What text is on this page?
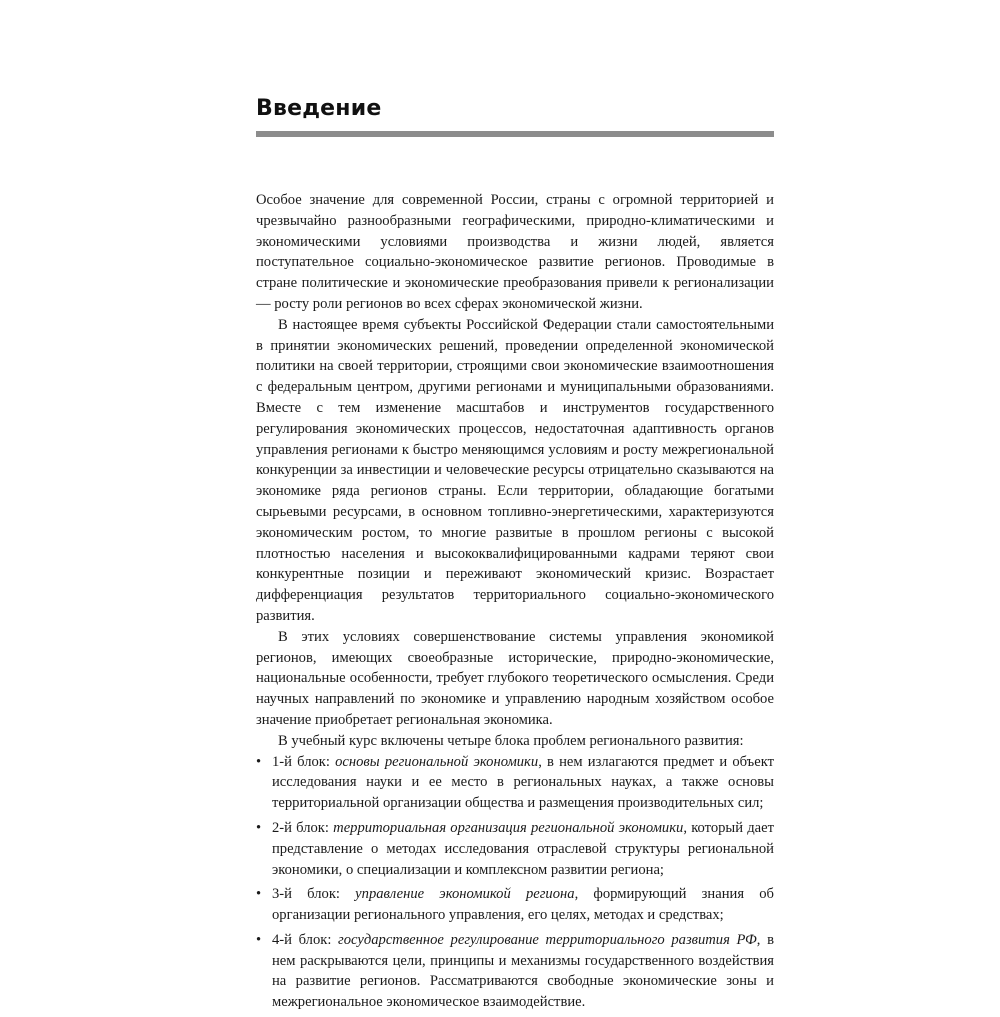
Введение

Особое значение для современной России, страны с огромной территорией и чрезвычайно разнообразными географическими, природно-климатическими и экономическими условиями производства и жизни людей, является поступательное социально-экономическое развитие регионов. Проводимые в стране политические и экономические преобразования привели к регионализации — росту роли регионов во всех сферах экономической жизни.

В настоящее время субъекты Российской Федерации стали самостоятельными в принятии экономических решений, проведении определенной экономической политики на своей территории, строящими свои экономические взаимоотношения с федеральным центром, другими регионами и муниципальными образованиями. Вместе с тем изменение масштабов и инструментов государственного регулирования экономических процессов, недостаточная адаптивность органов управления регионами к быстро меняющимся условиям и росту межрегиональной конкуренции за инвестиции и человеческие ресурсы отрицательно сказываются на экономике ряда регионов страны. Если территории, обладающие богатыми сырьевыми ресурсами, в основном топливно-энергетическими, характеризуются экономическим ростом, то многие развитые в прошлом регионы с высокой плотностью населения и высококвалифицированными кадрами теряют свои конкурентные позиции и переживают экономический кризис. Возрастает дифференциация результатов территориального социально-экономического развития.

В этих условиях совершенствование системы управления экономикой регионов, имеющих своеобразные исторические, природно-экономические, национальные особенности, требует глубокого теоретического осмысления. Среди научных направлений по экономике и управлению народным хозяйством особое значение приобретает региональная экономика.

В учебный курс включены четыре блока проблем регионального развития:

• 1-й блок: основы региональной экономики, в нем излагаются предмет и объект исследования науки и ее место в региональных науках, а также основы территориальной организации общества и размещения производительных сил;
• 2-й блок: территориальная организация региональной экономики, который дает представление о методах исследования отраслевой структуры региональной экономики, о специализации и комплексном развитии региона;
• 3-й блок: управление экономикой региона, формирующий знания об организации регионального управления, его целях, методах и средствах;
• 4-й блок: государственное регулирование территориального развития РФ, в нем раскрываются цели, принципы и механизмы государственного воздействия на развитие регионов. Рассматриваются свободные экономические зоны и межрегиональное экономическое взаимодействие.
